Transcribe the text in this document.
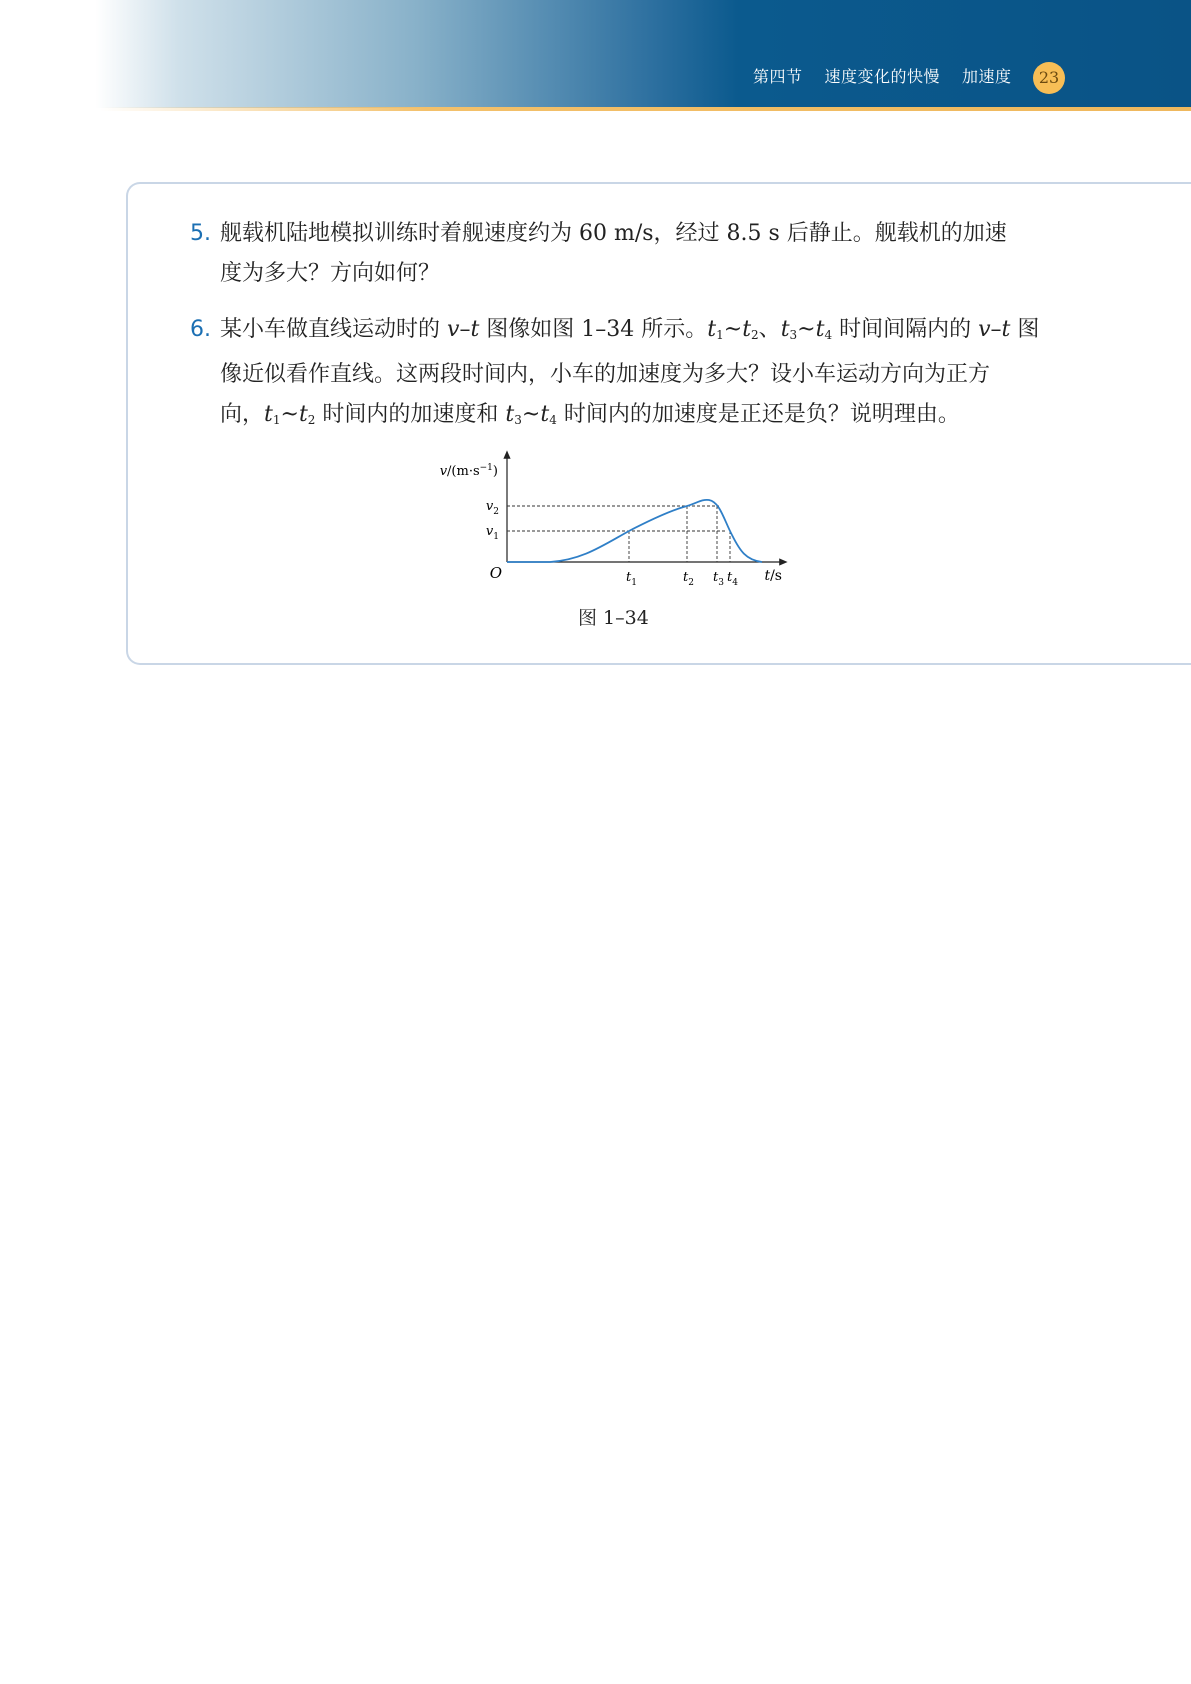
第四节 速度变化的快慢 加速度	23
5. 舰载机陆地模拟训练时着舰速度约为 60 m/s，经过 8.5 s 后静止。舰载机的加速
度为多大？方向如何？
6. 某小车做直线运动时的 v–t 图像如图 1–34 所示。$t_1\sim t_2$、$t_3\sim t_4$ 时间间隔内的 v–t 图
像近似看作直线。这两段时间内，小车的加速度为多大？设小车运动方向为正方
向，$t_1\sim t_2$ 时间内的加速度和 $t_3\sim t_4$ 时间内的加速度是正还是负？说明理由。
O
$v/(m\cdot s^{-1})$
t/s
$v_2$
$v_1$
$t_1$	$t_2$ $t_3$ $t_4$
图 1–34
